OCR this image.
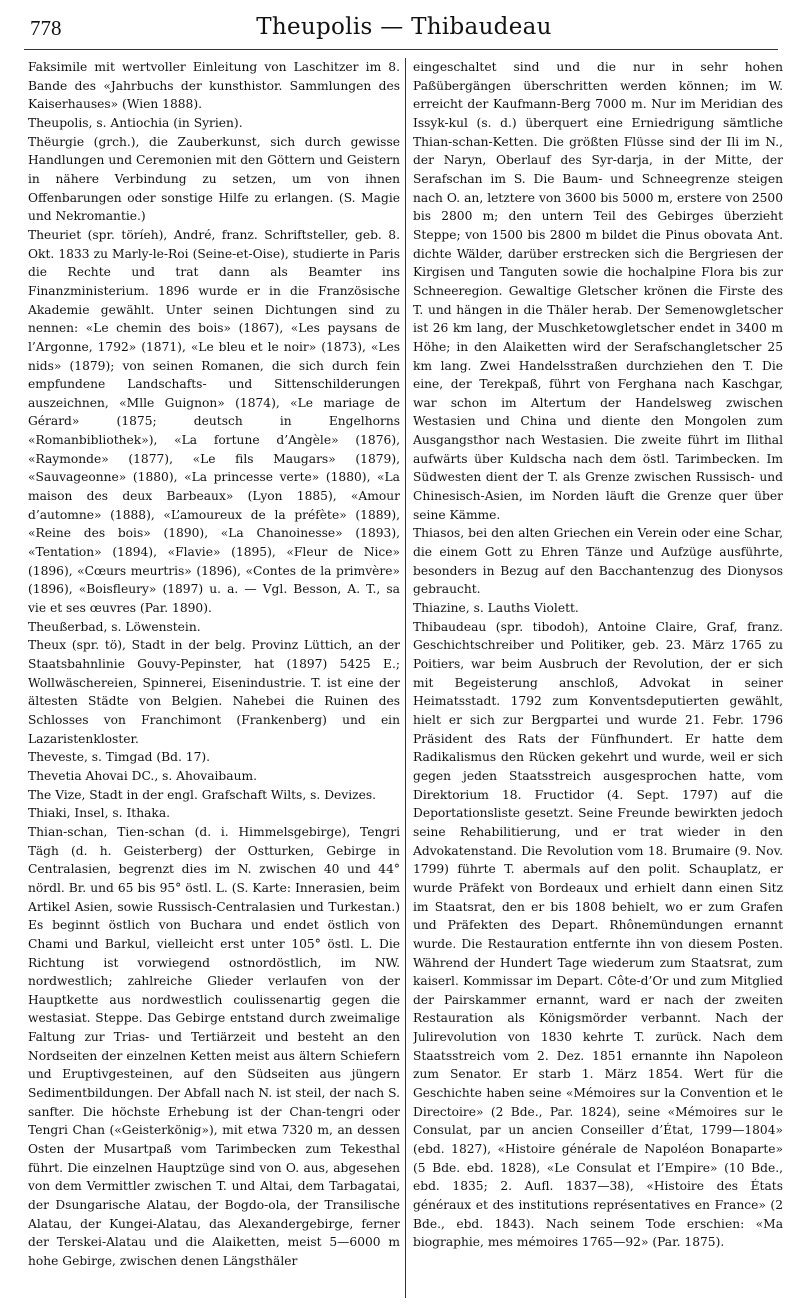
778	Theupolis — Thibaudeau

Faksimile mit wertvoller Einleitung von Laschitzer im 8. Bande des «Jahrbuchs der kunsthistor. Sammlungen des Kaiserhauses» (Wien 1888).
Theupolis, s. Antiochia (in Syrien).
Thëurgie (grch.), die Zauberkunst, sich durch gewisse Handlungen und Ceremonien mit den Göttern und Geistern in nähere Verbindung zu setzen, um von ihnen Offenbarungen oder sonstige Hilfe zu erlangen. (S. Magie und Nekromantie.)
Theuriet (spr. töríeh), André, franz. Schriftsteller, geb. 8. Okt. 1833 zu Marly-le-Roi (Seine-et-Oise), studierte in Paris die Rechte und trat dann als Beamter ins Finanzministerium. 1896 wurde er in die Französische Akademie gewählt. Unter seinen Dichtungen sind zu nennen: «Le chemin des bois» (1867), «Les paysans de l’Argonne, 1792» (1871), «Le bleu et le noir» (1873), «Les nids» (1879); von seinen Romanen, die sich durch fein empfundene Landschafts- und Sittenschilderungen auszeichnen, «Mlle Guignon» (1874), «Le mariage de Gérard» (1875; deutsch in Engelhorns «Romanbibliothek»), «La fortune d’Angèle» (1876), «Raymonde» (1877), «Le fils Maugars» (1879), «Sauvageonne» (1880), «La princesse verte» (1880), «La maison des deux Barbeaux» (Lyon 1885), «Amour d’automne» (1888), «L’amoureux de la préfète» (1889), «Reine des bois» (1890), «La Chanoinesse» (1893), «Tentation» (1894), «Flavie» (1895), «Fleur de Nice» (1896), «Cœurs meurtris» (1896), «Contes de la primvère» (1896), «Boisfleury» (1897) u. a. — Vgl. Besson, A. T., sa vie et ses œuvres (Par. 1890).
Theußerbad, s. Löwenstein.
Theux (spr. tö), Stadt in der belg. Provinz Lüttich, an der Staatsbahnlinie Gouvy-Pepinster, hat (1897) 5425 E.; Wollwäschereien, Spinnerei, Eisenindustrie. T. ist eine der ältesten Städte von Belgien. Nahebei die Ruinen des Schlosses von Franchimont (Frankenberg) und ein Lazaristenkloster.
Theveste, s. Timgad (Bd. 17).
Thevetia Ahovai DC., s. Ahovaibaum.
The Vize, Stadt in der engl. Grafschaft Wilts, s. Devizes.
Thiaki, Insel, s. Ithaka.
Thian-schan, Tien-schan (d. i. Himmelsgebirge), Tengri Tägh (d. h. Geisterberg) der Ostturken, Gebirge in Centralasien, begrenzt dies im N. zwischen 40 und 44° nördl. Br. und 65 bis 95° östl. L. (S. Karte: Innerasien, beim Artikel Asien, sowie Russisch-Centralasien und Turkestan.) Es beginnt östlich von Buchara und endet östlich von Chami und Barkul, vielleicht erst unter 105° östl. L. Die Richtung ist vorwiegend ostnordöstlich, im NW. nordwestlich; zahlreiche Glieder verlaufen von der Hauptkette aus nordwestlich coulissenartig gegen die westasiat. Steppe. Das Gebirge entstand durch zweimalige Faltung zur Trias- und Tertiärzeit und besteht an den Nordseiten der einzelnen Ketten meist aus ältern Schiefern und Eruptivgesteinen, auf den Südseiten aus jüngern Sedimentbildungen. Der Abfall nach N. ist steil, der nach S. sanfter. Die höchste Erhebung ist der Chan-tengri oder Tengri Chan («Geisterkönig»), mit etwa 7320 m, an dessen Osten der Musartpaß vom Tarimbecken zum Tekesthal führt. Die einzelnen Hauptzüge sind von O. aus, abgesehen von dem Vermittler zwischen T. und Altai, dem Tarbagatai, der Dsungarische Alatau, der Bogdo-ola, der Transilische Alatau, der Kungei-Alatau, das Alexandergebirge, ferner der Terskei-Alatau und die Alaiketten, meist 5—6000 m hohe Gebirge, zwischen denen Längsthäler

eingeschaltet sind und die nur in sehr hohen Paßübergängen überschritten werden können; im W. erreicht der Kaufmann-Berg 7000 m. Nur im Meridian des Issyk-kul (s. d.) überquert eine Erniedrigung sämtliche Thian-schan-Ketten. Die größten Flüsse sind der Ili im N., der Naryn, Oberlauf des Syr-darja, in der Mitte, der Serafschan im S. Die Baum- und Schneegrenze steigen nach O. an, letztere von 3600 bis 5000 m, erstere von 2500 bis 2800 m; den untern Teil des Gebirges überzieht Steppe; von 1500 bis 2800 m bildet die Pinus obovata Ant. dichte Wälder, darüber erstrecken sich die Bergriesen der Kirgisen und Tanguten sowie die hochalpine Flora bis zur Schneeregion. Gewaltige Gletscher krönen die Firste des T. und hängen in die Thäler herab. Der Semenowgletscher ist 26 km lang, der Muschketowgletscher endet in 3400 m Höhe; in den Alaiketten wird der Serafschangletscher 25 km lang. Zwei Handelsstraßen durchziehen den T. Die eine, der Terekpaß, führt von Ferghana nach Kaschgar, war schon im Altertum der Handelsweg zwischen Westasien und China und diente den Mongolen zum Ausgangsthor nach Westasien. Die zweite führt im Ilithal aufwärts über Kuldscha nach dem östl. Tarimbecken. Im Südwesten dient der T. als Grenze zwischen Russisch- und Chinesisch-Asien, im Norden läuft die Grenze quer über seine Kämme.
Thiasos, bei den alten Griechen ein Verein oder eine Schar, die einem Gott zu Ehren Tänze und Aufzüge ausführte, besonders in Bezug auf den Bacchantenzug des Dionysos gebraucht.
Thiazine, s. Lauths Violett.
Thibaudeau (spr. tibodoh), Antoine Claire, Graf, franz. Geschichtschreiber und Politiker, geb. 23. März 1765 zu Poitiers, war beim Ausbruch der Revolution, der er sich mit Begeisterung anschloß, Advokat in seiner Heimatsstadt. 1792 zum Konventsdeputierten gewählt, hielt er sich zur Bergpartei und wurde 21. Febr. 1796 Präsident des Rats der Fünfhundert. Er hatte dem Radikalismus den Rücken gekehrt und wurde, weil er sich gegen jeden Staatsstreich ausgesprochen hatte, vom Direktorium 18. Fructidor (4. Sept. 1797) auf die Deportationsliste gesetzt. Seine Freunde bewirkten jedoch seine Rehabilitierung, und er trat wieder in den Advokatenstand. Die Revolution vom 18. Brumaire (9. Nov. 1799) führte T. abermals auf den polit. Schauplatz, er wurde Präfekt von Bordeaux und erhielt dann einen Sitz im Staatsrat, den er bis 1808 behielt, wo er zum Grafen und Präfekten des Depart. Rhônemündungen ernannt wurde. Die Restauration entfernte ihn von diesem Posten. Während der Hundert Tage wiederum zum Staatsrat, zum kaiserl. Kommissar im Depart. Côte-d’Or und zum Mitglied der Pairskammer ernannt, ward er nach der zweiten Restauration als Königsmörder verbannt. Nach der Julirevolution von 1830 kehrte T. zurück. Nach dem Staatsstreich vom 2. Dez. 1851 ernannte ihn Napoleon zum Senator. Er starb 1. März 1854. Wert für die Geschichte haben seine «Mémoires sur la Convention et le Directoire» (2 Bde., Par. 1824), seine «Mémoires sur le Consulat, par un ancien Conseiller d’État, 1799—1804» (ebd. 1827), «Histoire générale de Napoléon Bonaparte» (5 Bde. ebd. 1828), «Le Consulat et l’Empire» (10 Bde., ebd. 1835; 2. Aufl. 1837—38), «Histoire des États généraux et des institutions représentatives en France» (2 Bde., ebd. 1843). Nach seinem Tode erschien: «Ma biographie, mes mémoires 1765—92» (Par. 1875).
